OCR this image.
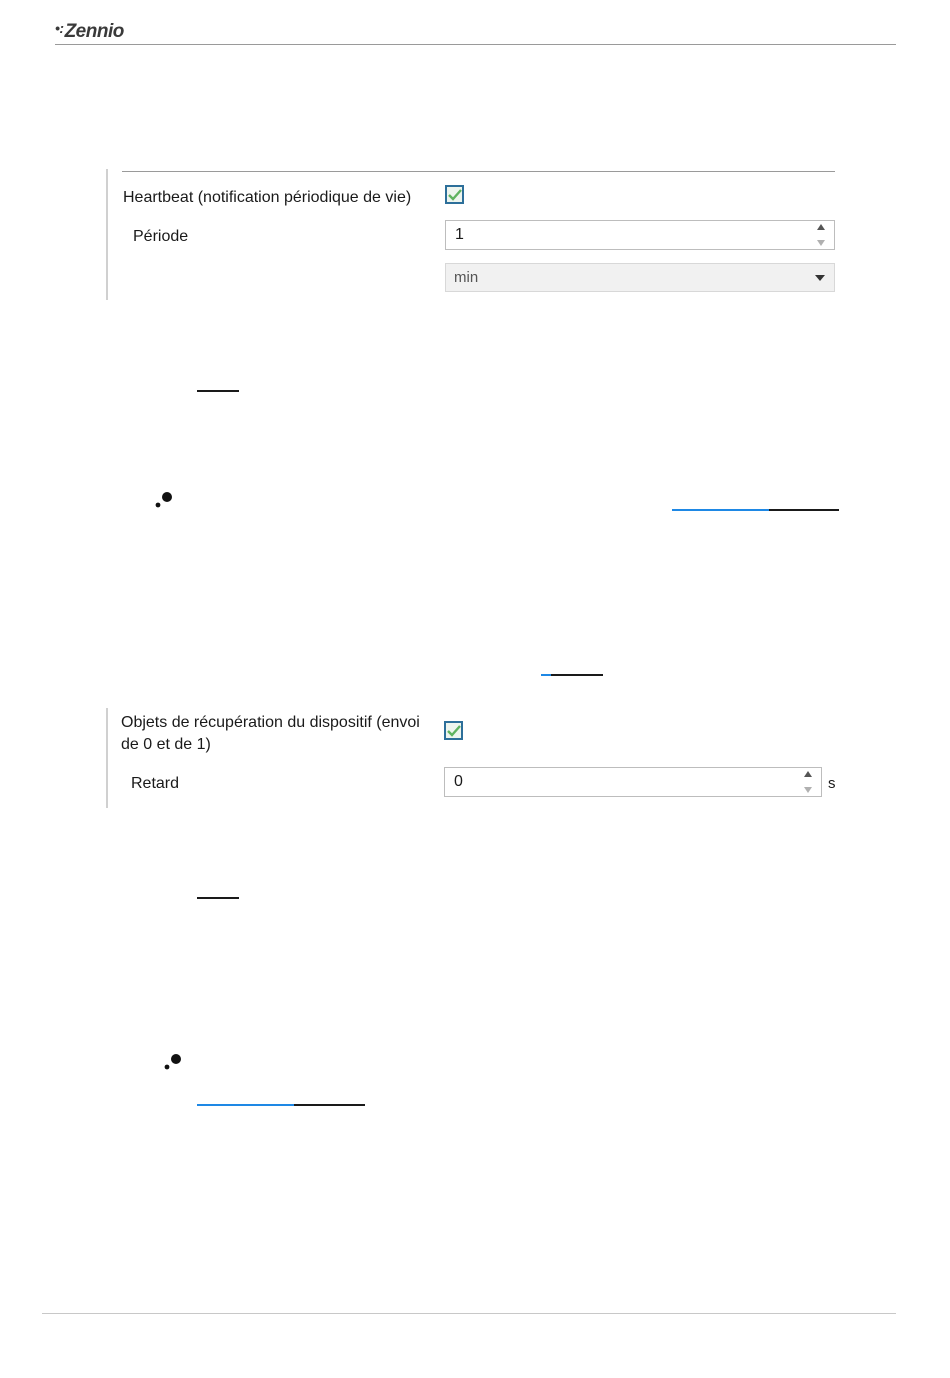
•:Zennio
Heartbeat (notification périodique de vie)
Période	1
min
Objets de récupération du dispositif (envoi
de 0 et de 1)
Retard	0	s
